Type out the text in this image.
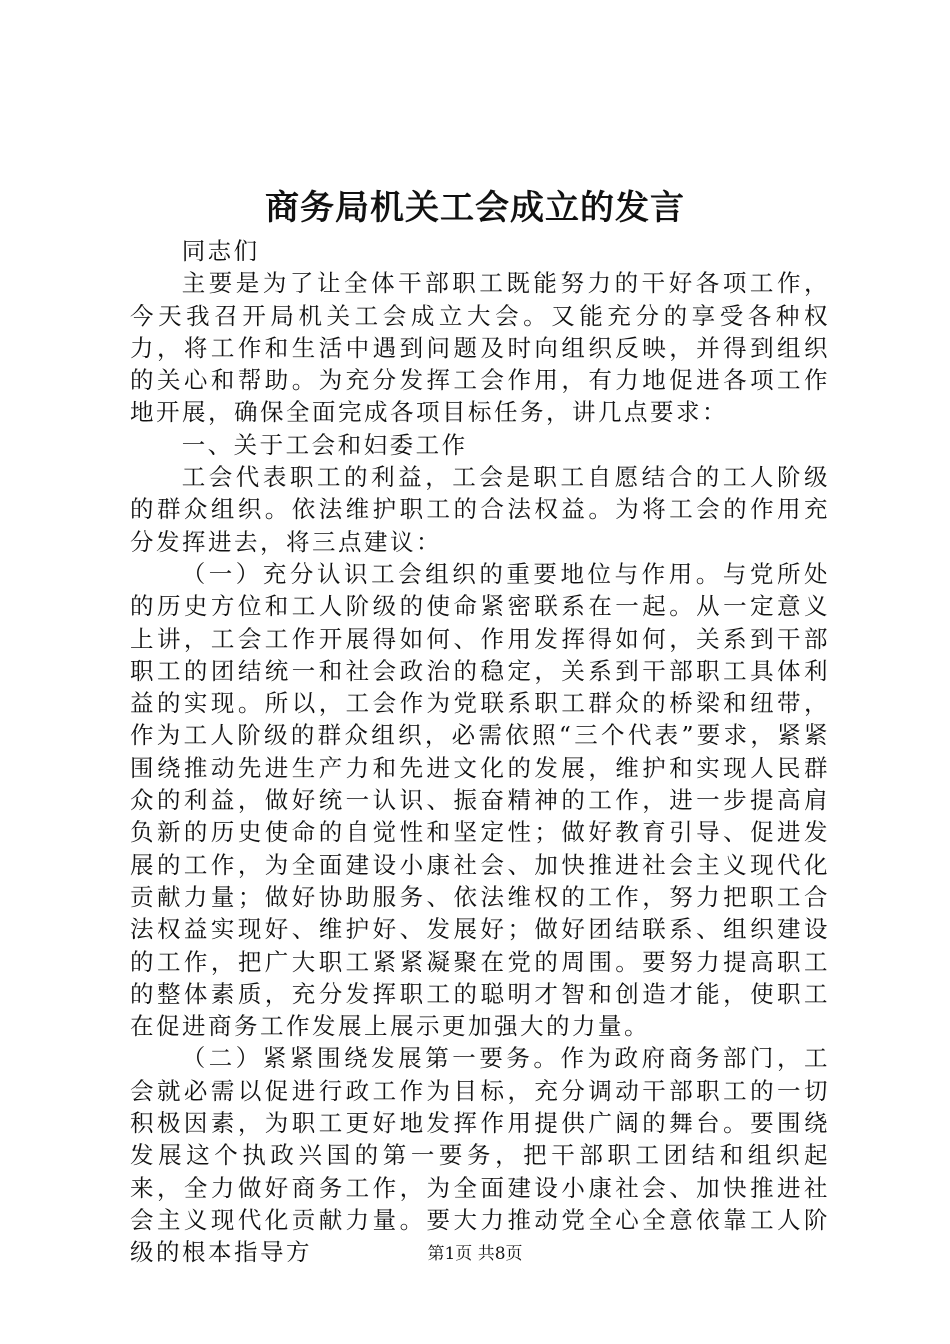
商务局机关工会成立的发言

同志们

主要是为了让全体干部职工既能努力的干好各项工作，今天我召开局机关工会成立大会。又能充分的享受各种权力，将工作和生活中遇到问题及时向组织反映，并得到组织的关心和帮助。为充分发挥工会作用，有力地促进各项工作地开展，确保全面完成各项目标任务，讲几点要求：

一、关于工会和妇委工作

工会代表职工的利益，工会是职工自愿结合的工人阶级的群众组织。依法维护职工的合法权益。为将工会的作用充分发挥进去，将三点建议：

（一）充分认识工会组织的重要地位与作用。与党所处的历史方位和工人阶级的使命紧密联系在一起。从一定意义上讲，工会工作开展得如何、作用发挥得如何，关系到干部职工的团结统一和社会政治的稳定，关系到干部职工具体利益的实现。所以，工会作为党联系职工群众的桥梁和纽带，作为工人阶级的群众组织，必需依照“三个代表”要求，紧紧围绕推动先进生产力和先进文化的发展，维护和实现人民群众的利益，做好统一认识、振奋精神的工作，进一步提高肩负新的历史使命的自觉性和坚定性；做好教育引导、促进发展的工作，为全面建设小康社会、加快推进社会主义现代化贡献力量；做好协助服务、依法维权的工作，努力把职工合法权益实现好、维护好、发展好；做好团结联系、组织建设的工作，把广大职工紧紧凝聚在党的周围。要努力提高职工的整体素质，充分发挥职工的聪明才智和创造才能，使职工在促进商务工作发展上展示更加强大的力量。

（二）紧紧围绕发展第一要务。作为政府商务部门，工会就必需以促进行政工作为目标，充分调动干部职工的一切积极因素，为职工更好地发挥作用提供广阔的舞台。要围绕发展这个执政兴国的第一要务，把干部职工团结和组织起来，全力做好商务工作，为全面建设小康社会、加快推进社会主义现代化贡献力量。要大力推动党全心全意依靠工人阶级的根本指导方	第1页 共8页
